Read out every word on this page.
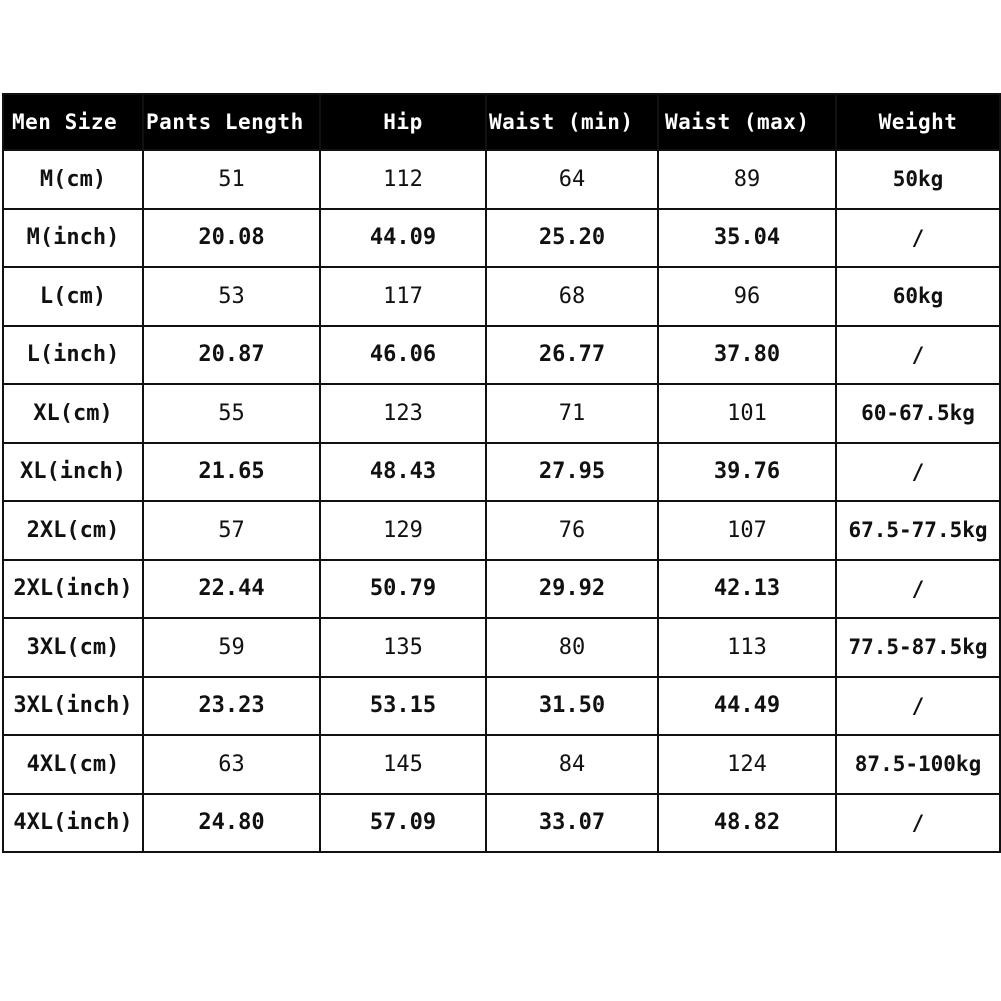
Men Size	Pants Length	Hip	Waist (min)	Waist (max)	Weight
M(cm)	51	112	64	89	50kg
M(inch)	20.08	44.09	25.20	35.04	/
L(cm)	53	117	68	96	60kg
L(inch)	20.87	46.06	26.77	37.80	/
XL(cm)	55	123	71	101	60-67.5kg
XL(inch)	21.65	48.43	27.95	39.76	/
2XL(cm)	57	129	76	107	67.5-77.5kg
2XL(inch)	22.44	50.79	29.92	42.13	/
3XL(cm)	59	135	80	113	77.5-87.5kg
3XL(inch)	23.23	53.15	31.50	44.49	/
4XL(cm)	63	145	84	124	87.5-100kg
4XL(inch)	24.80	57.09	33.07	48.82	/
